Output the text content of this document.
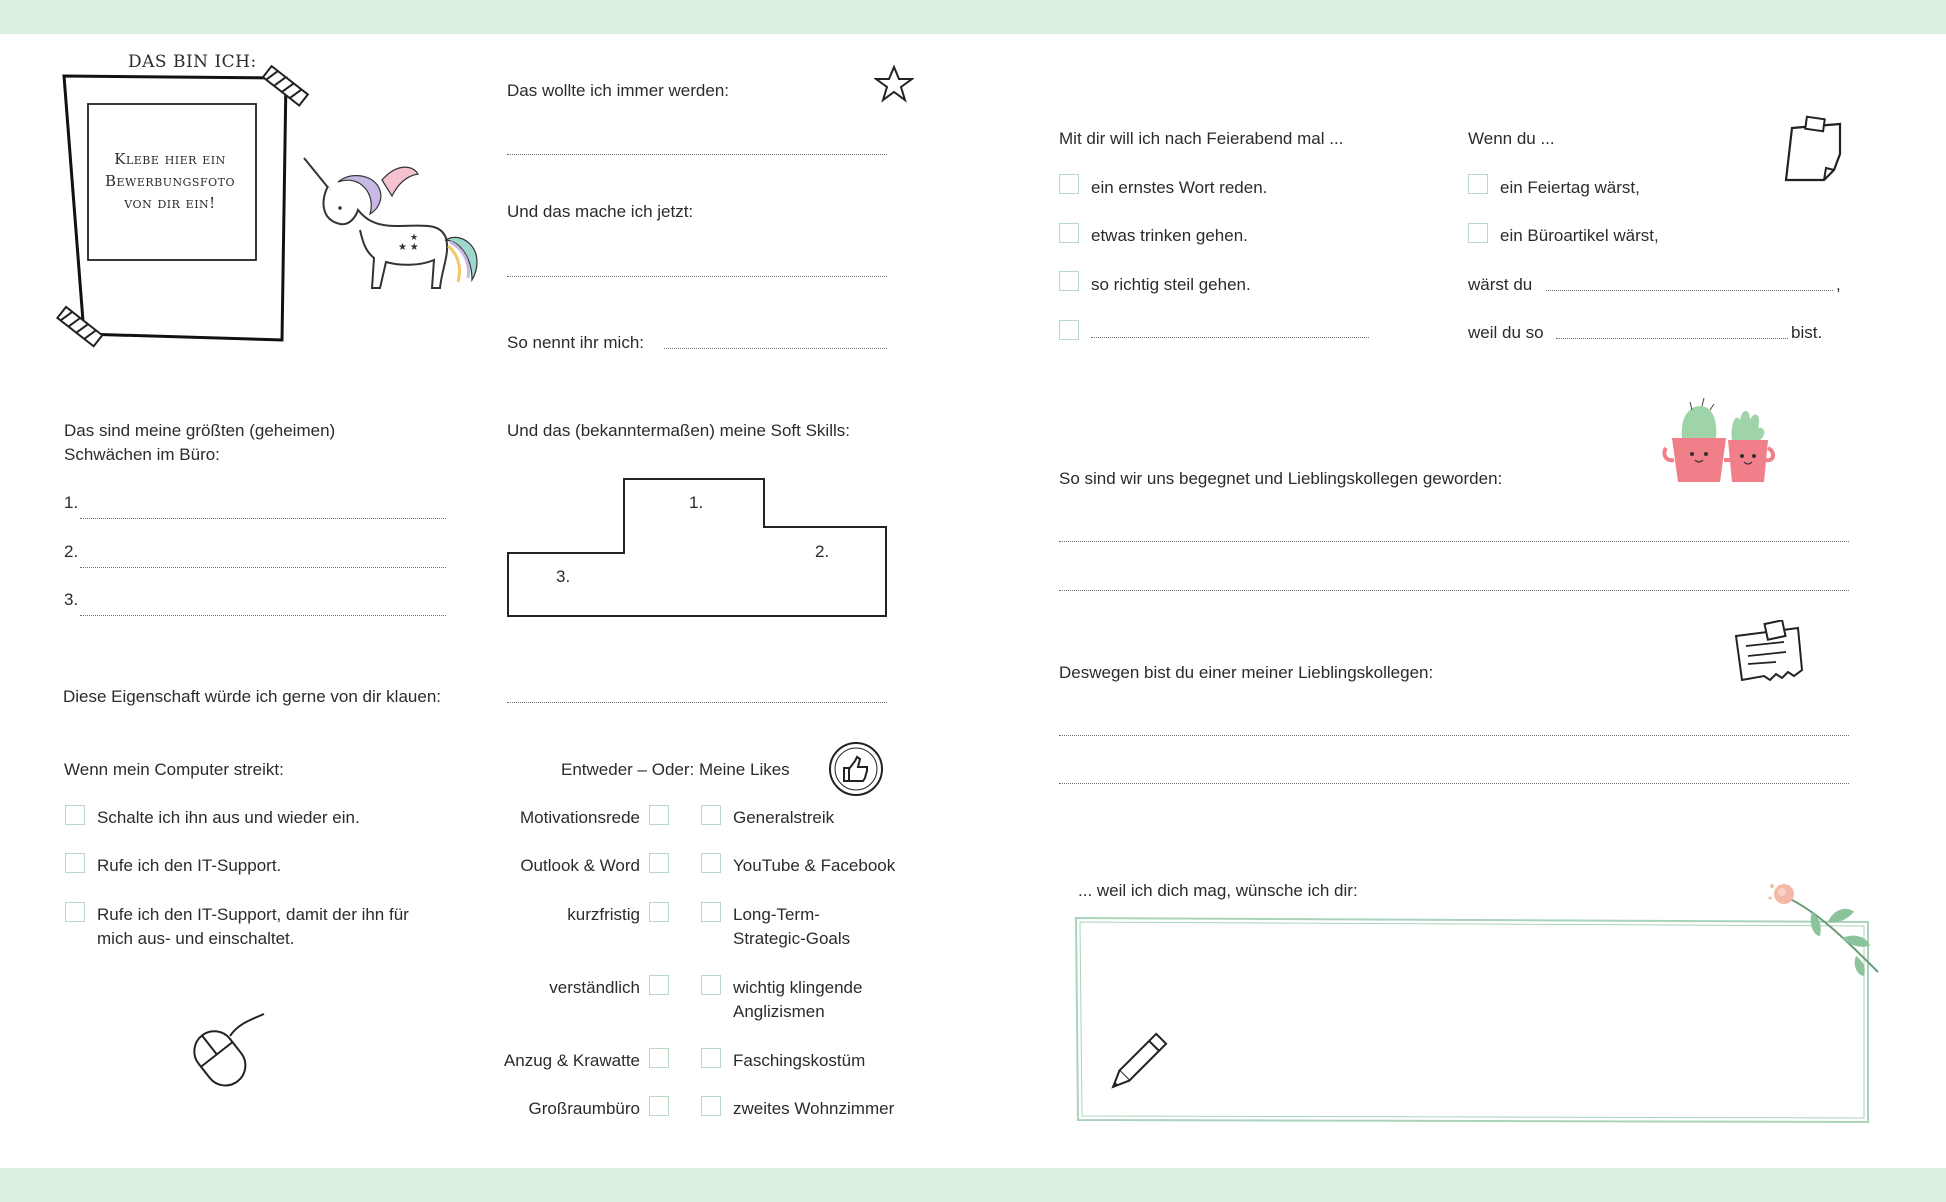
DAS BIN ICH:
Klebe hier ein
Bewerbungsfoto
von dir ein!
★ ★
★
Das wollte ich immer werden:
Und das mache ich jetzt:
So nennt ihr mich:
Das sind meine größten (geheimen) Schwächen im Büro:
1.
2.
3.
Und das (bekanntermaßen) meine Soft Skills:
1.
2.
3.
Diese Eigenschaft würde ich gerne von dir klauen:
Wenn mein Computer streikt:
Schalte ich ihn aus und wieder ein.
Rufe ich den IT-Support.
Rufe ich den IT-Support, damit der ihn für mich aus- und einschaltet.
Entweder – Oder: Meine Likes
Motivationsrede	Generalstreik
Outlook & Word	YouTube & Facebook
kurzfristig	Long-Term-Strategic-Goals
verständlich	wichtig klingende Anglizismen
Anzug & Krawatte	Faschingskostüm
Großraumbüro	zweites Wohnzimmer
Mit dir will ich nach Feierabend mal ...
ein ernstes Wort reden.
etwas trinken gehen.
so richtig steil gehen.
Wenn du ...
ein Feiertag wärst,
ein Büroartikel wärst,
wärst du	,
weil du so	bist.
So sind wir uns begegnet und Lieblingskollegen geworden:
Deswegen bist du einer meiner Lieblingskollegen:
... weil ich dich mag, wünsche ich dir:
